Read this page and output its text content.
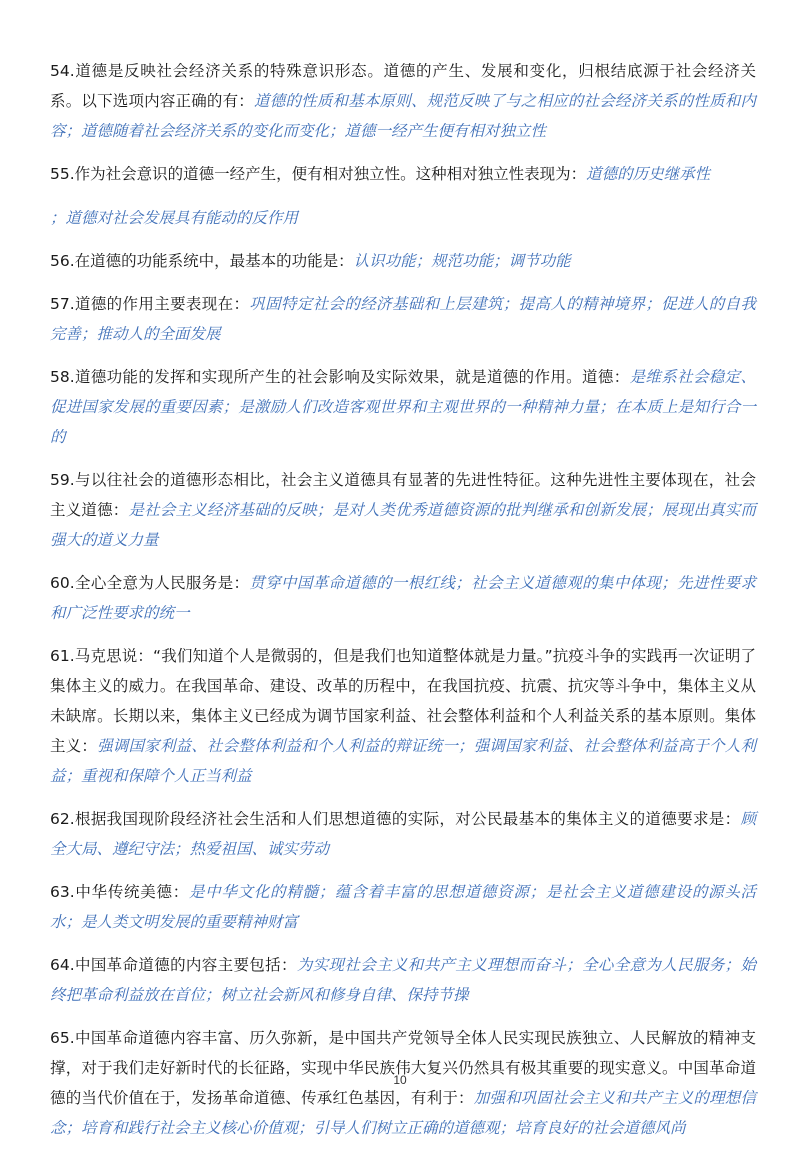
54.道德是反映社会经济关系的特殊意识形态。道德的产生、发展和变化，归根结底源于社会经济关系。以下选项内容正确的有：道德的性质和基本原则、规范反映了与之相应的社会经济关系的性质和内容；道德随着社会经济关系的变化而变化；道德一经产生便有相对独立性

55.作为社会意识的道德一经产生，便有相对独立性。这种相对独立性表现为：道德的历史继承性
；道德对社会发展具有能动的反作用

56.在道德的功能系统中，最基本的功能是：认识功能；规范功能；调节功能

57.道德的作用主要表现在：巩固特定社会的经济基础和上层建筑；提高人的精神境界；促进人的自我完善；推动人的全面发展

58.道德功能的发挥和实现所产生的社会影响及实际效果，就是道德的作用。道德：是维系社会稳定、促进国家发展的重要因素；是激励人们改造客观世界和主观世界的一种精神力量；在本质上是知行合一的

59.与以往社会的道德形态相比，社会主义道德具有显著的先进性特征。这种先进性主要体现在，社会主义道德：是社会主义经济基础的反映；是对人类优秀道德资源的批判继承和创新发展；展现出真实而强大的道义力量

60.全心全意为人民服务是：贯穿中国革命道德的一根红线；社会主义道德观的集中体现；先进性要求和广泛性要求的统一

61.马克思说：“我们知道个人是微弱的，但是我们也知道整体就是力量。”抗疫斗争的实践再一次证明了集体主义的威力。在我国革命、建设、改革的历程中，在我国抗疫、抗震、抗灾等斗争中，集体主义从未缺席。长期以来，集体主义已经成为调节国家利益、社会整体利益和个人利益关系的基本原则。集体主义：强调国家利益、社会整体利益和个人利益的辩证统一；强调国家利益、社会整体利益高于个人利益；重视和保障个人正当利益

62.根据我国现阶段经济社会生活和人们思想道德的实际，对公民最基本的集体主义的道德要求是：顾全大局、遵纪守法；热爱祖国、诚实劳动

63.中华传统美德：是中华文化的精髓；蕴含着丰富的思想道德资源；是社会主义道德建设的源头活水；是人类文明发展的重要精神财富

64.中国革命道德的内容主要包括：为实现社会主义和共产主义理想而奋斗；全心全意为人民服务；始终把革命利益放在首位；树立社会新风和修身自律、保持节操

65.中国革命道德内容丰富、历久弥新，是中国共产党领导全体人民实现民族独立、人民解放的精神支撑，对于我们走好新时代的长征路，实现中华民族伟大复兴仍然具有极其重要的现实意义。中国革命道德的当代价值在于，发扬革命道德、传承红色基因，有利于：加强和巩固社会主义和共产主义的理想信念；培育和践行社会主义核心价值观；引导人们树立正确的道德观；培育良好的社会道德风尚

10
